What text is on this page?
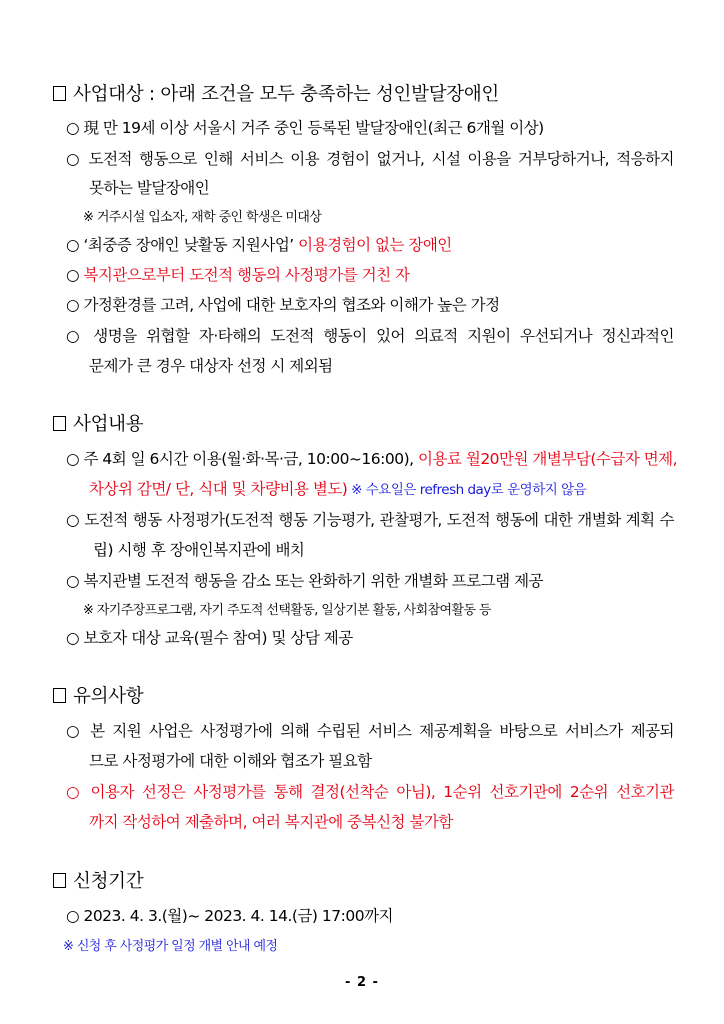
사업대상 : 아래 조건을 모두 충족하는 성인발달장애인
○ 現 만 19세 이상 서울시 거주 중인 등록된 발달장애인(최근 6개월 이상)
○ 도전적 행동으로 인해 서비스 이용 경험이 없거나, 시설 이용을 거부당하거나, 적응하지
못하는 발달장애인
※ 거주시설 입소자, 재학 중인 학생은 미대상
○ ‘최중증 장애인 낮활동 지원사업’ 이용경험이 없는 장애인
○ 복지관으로부터 도전적 행동의 사정평가를 거친 자
○ 가정환경를 고려, 사업에 대한 보호자의 협조와 이해가 높은 가정
○ 생명을 위협할 자·타해의 도전적 행동이 있어 의료적 지원이 우선되거나 정신과적인
문제가 큰 경우 대상자 선정 시 제외됨
사업내용
○ 주 4회 일 6시간 이용(월·화·목·금, 10:00~16:00), 이용료 월20만원 개별부담(수급자 면제,
차상위 감면/ 단, 식대 및 차량비용 별도) ※ 수요일은 refresh day로 운영하지 않음
○ 도전적 행동 사정평가(도전적 행동 기능평가, 관찰평가, 도전적 행동에 대한 개별화 계획 수
립) 시행 후 장애인복지관에 배치
○ 복지관별 도전적 행동을 감소 또는 완화하기 위한 개별화 프로그램 제공
※ 자기주장프로그램, 자기 주도적 선택활동, 일상기본 활동, 사회참여활동 등
○ 보호자 대상 교육(필수 참여) 및 상담 제공
유의사항
○ 본 지원 사업은 사정평가에 의해 수립된 서비스 제공계획을 바탕으로 서비스가 제공되
므로 사정평가에 대한 이해와 협조가 필요함
○ 이용자 선정은 사정평가를 통해 결정(선착순 아님), 1순위 선호기관에 2순위 선호기관
까지 작성하여 제출하며, 여러 복지관에 중복신청 불가함
신청기간
○ 2023. 4. 3.(월)~ 2023. 4. 14.(금) 17:00까지
※ 신청 후 사정평가 일정 개별 안내 예정
- 2 -
